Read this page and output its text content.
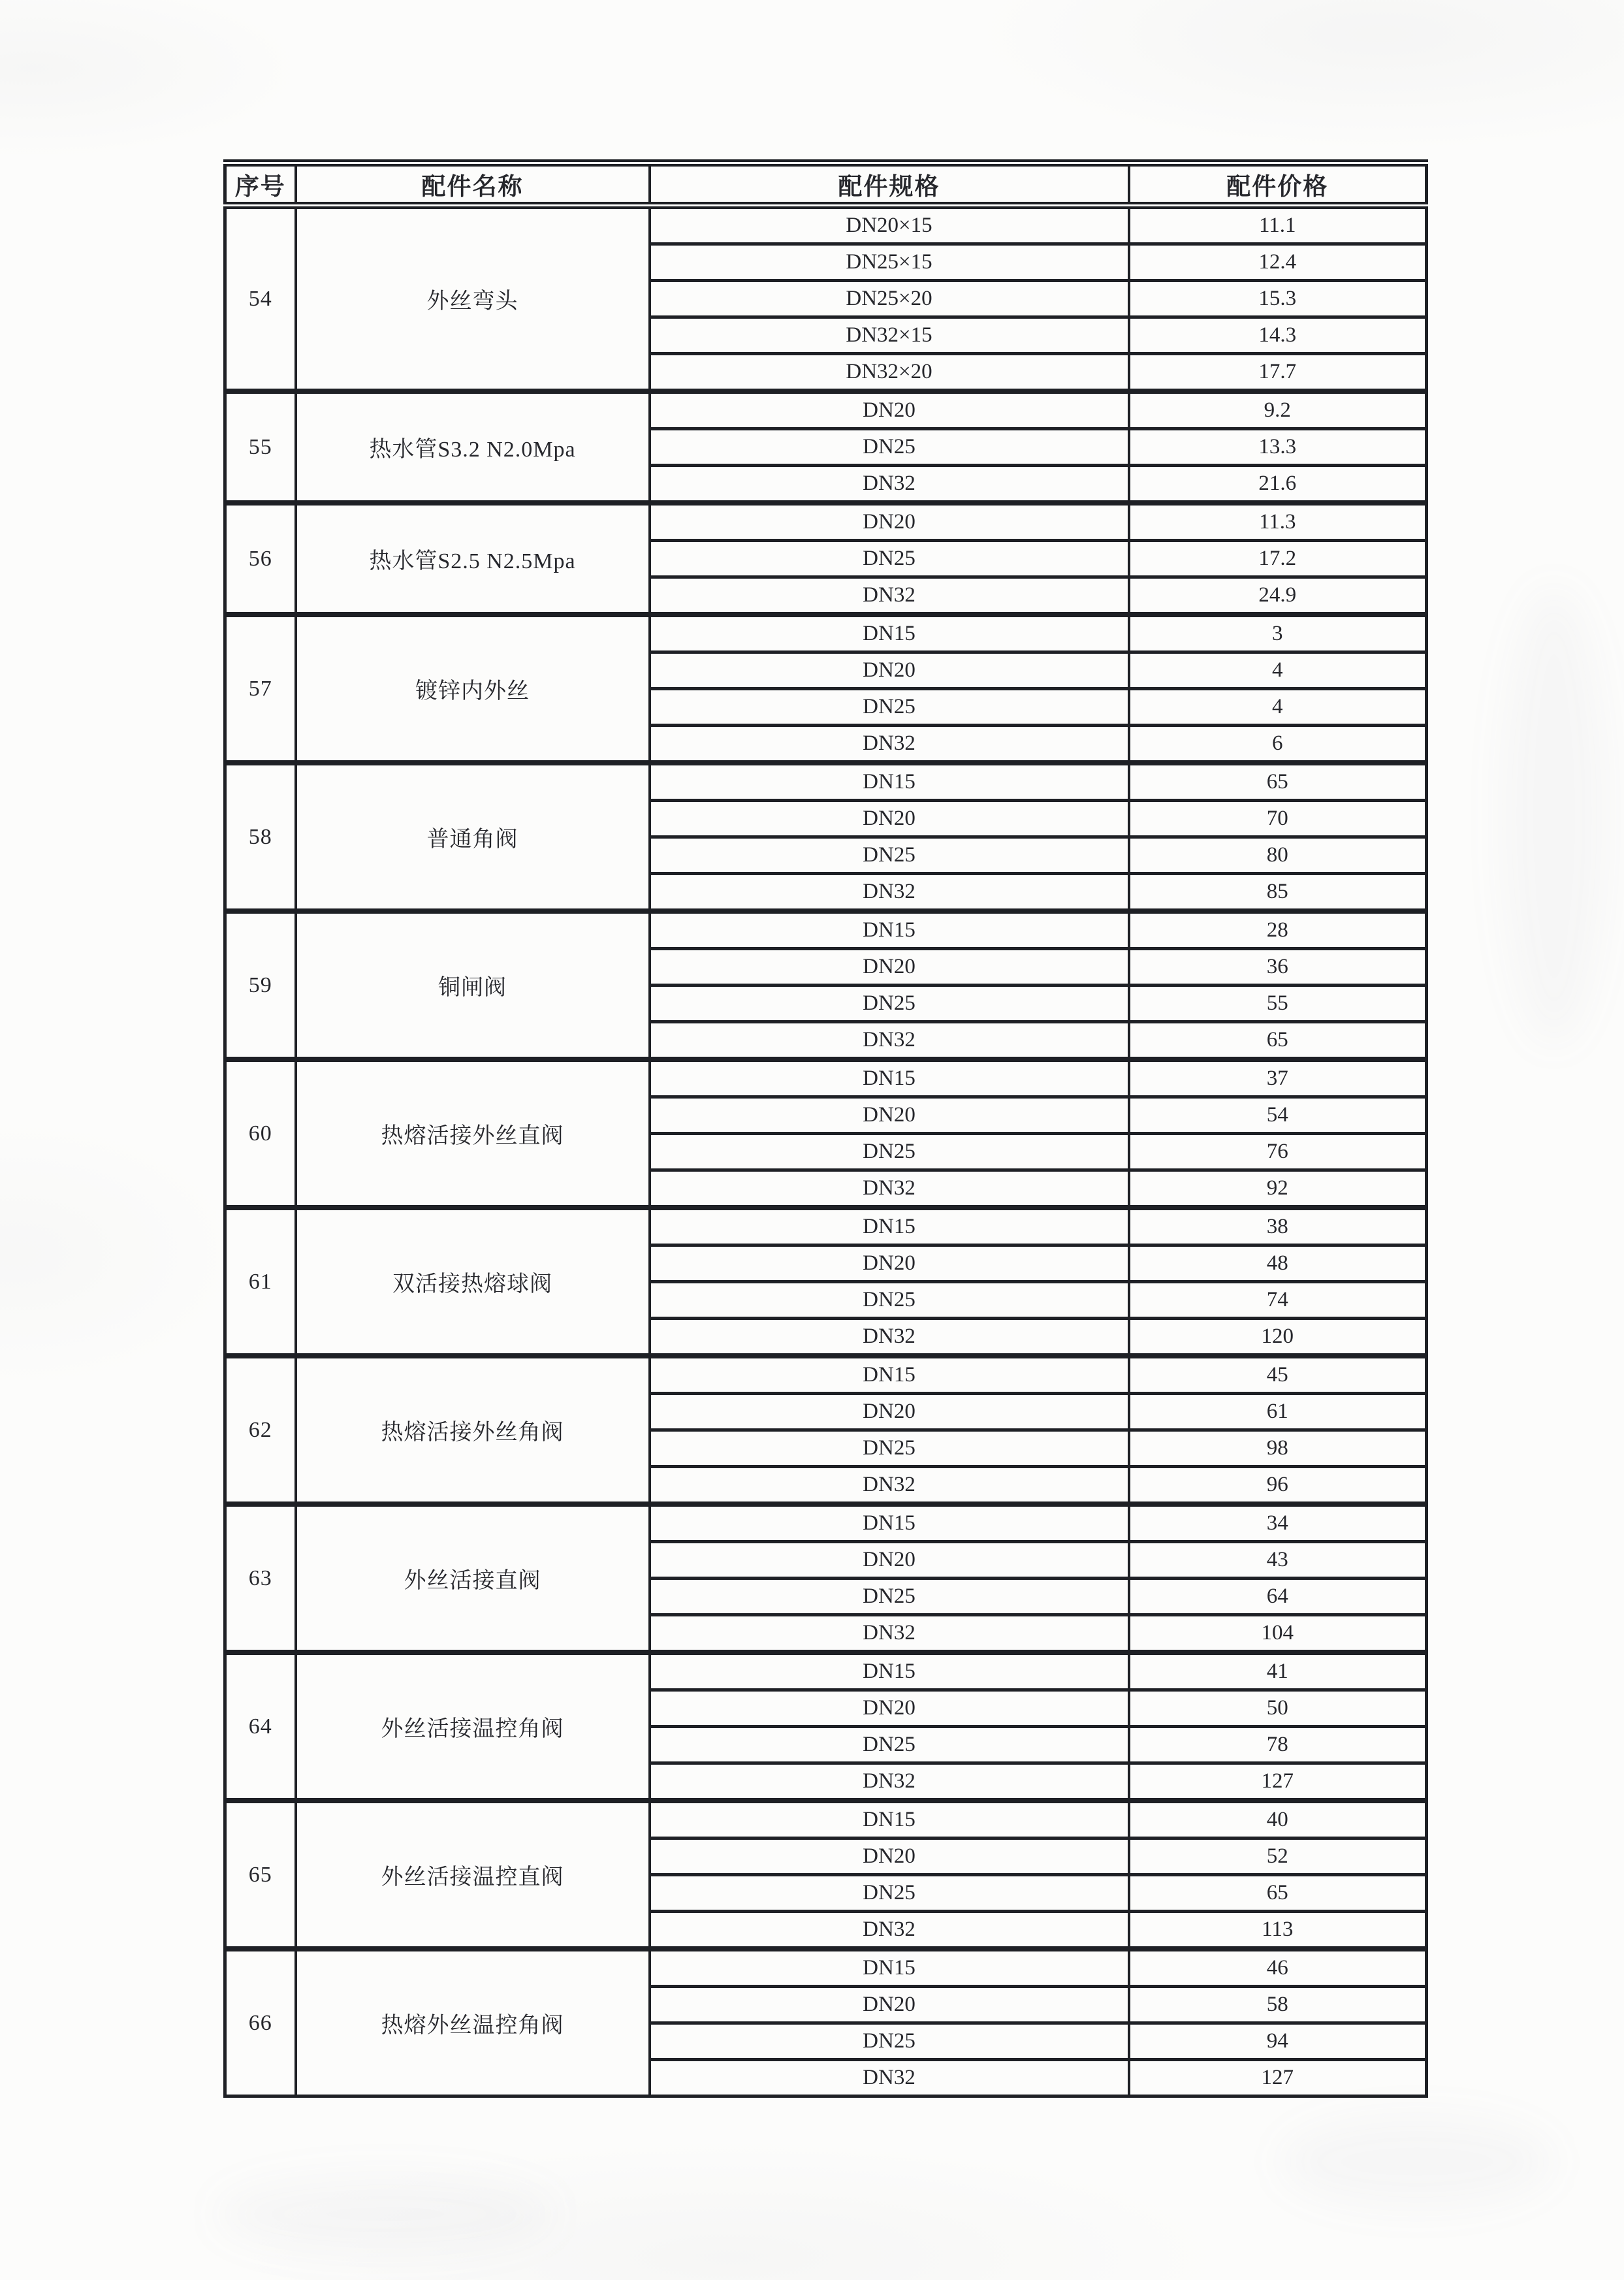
序号	配件名称	配件规格	配件价格
54	外丝弯头	DN20×15	11.1
		DN25×15	12.4
		DN25×20	15.3
		DN32×15	14.3
		DN32×20	17.7
55	热水管S3.2 N2.0Mpa	DN20	9.2
		DN25	13.3
		DN32	21.6
56	热水管S2.5 N2.5Mpa	DN20	11.3
		DN25	17.2
		DN32	24.9
57	镀锌内外丝	DN15	3
		DN20	4
		DN25	4
		DN32	6
58	普通角阀	DN15	65
		DN20	70
		DN25	80
		DN32	85
59	铜闸阀	DN15	28
		DN20	36
		DN25	55
		DN32	65
60	热熔活接外丝直阀	DN15	37
		DN20	54
		DN25	76
		DN32	92
61	双活接热熔球阀	DN15	38
		DN20	48
		DN25	74
		DN32	120
62	热熔活接外丝角阀	DN15	45
		DN20	61
		DN25	98
		DN32	96
63	外丝活接直阀	DN15	34
		DN20	43
		DN25	64
		DN32	104
64	外丝活接温控角阀	DN15	41
		DN20	50
		DN25	78
		DN32	127
65	外丝活接温控直阀	DN15	40
		DN20	52
		DN25	65
		DN32	113
66	热熔外丝温控角阀	DN15	46
		DN20	58
		DN25	94
		DN32	127
